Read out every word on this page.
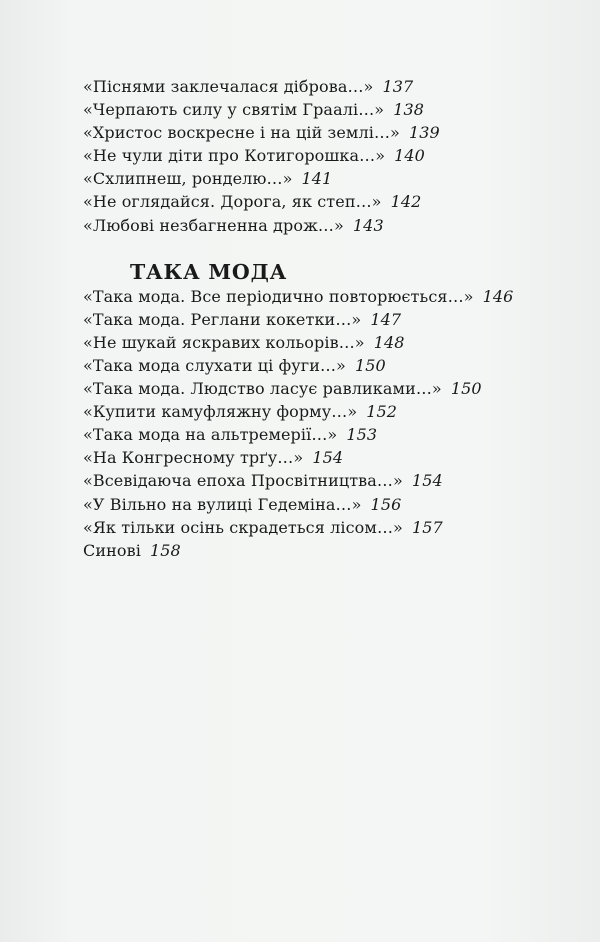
«Піснями заклечалася діброва…» 137
«Черпають силу у святім Граалі…» 138
«Христос воскресне і на цій землі…» 139
«Не чули діти про Котигорошка…» 140
«Схлипнеш, ронделю…» 141
«Не оглядайся. Дорога, як степ…» 142
«Любові незбагненна дрож…» 143
ТАКА МОДА
«Така мода. Все періодично повторюється…» 146
«Така мода. Реглани кокетки…» 147
«Не шукай яскравих кольорів…» 148
«Така мода слухати ці фуги…» 150
«Така мода. Людство ласує равликами…» 150
«Купити камуфляжну форму…» 152
«Така мода на альтремерії…» 153
«На Конгресному трґу…» 154
«Всевідаюча епоха Просвітництва…» 154
«У Вільно на вулиці Гедеміна…» 156
«Як тільки осінь скрадеться лісом…» 157
Синові 158
